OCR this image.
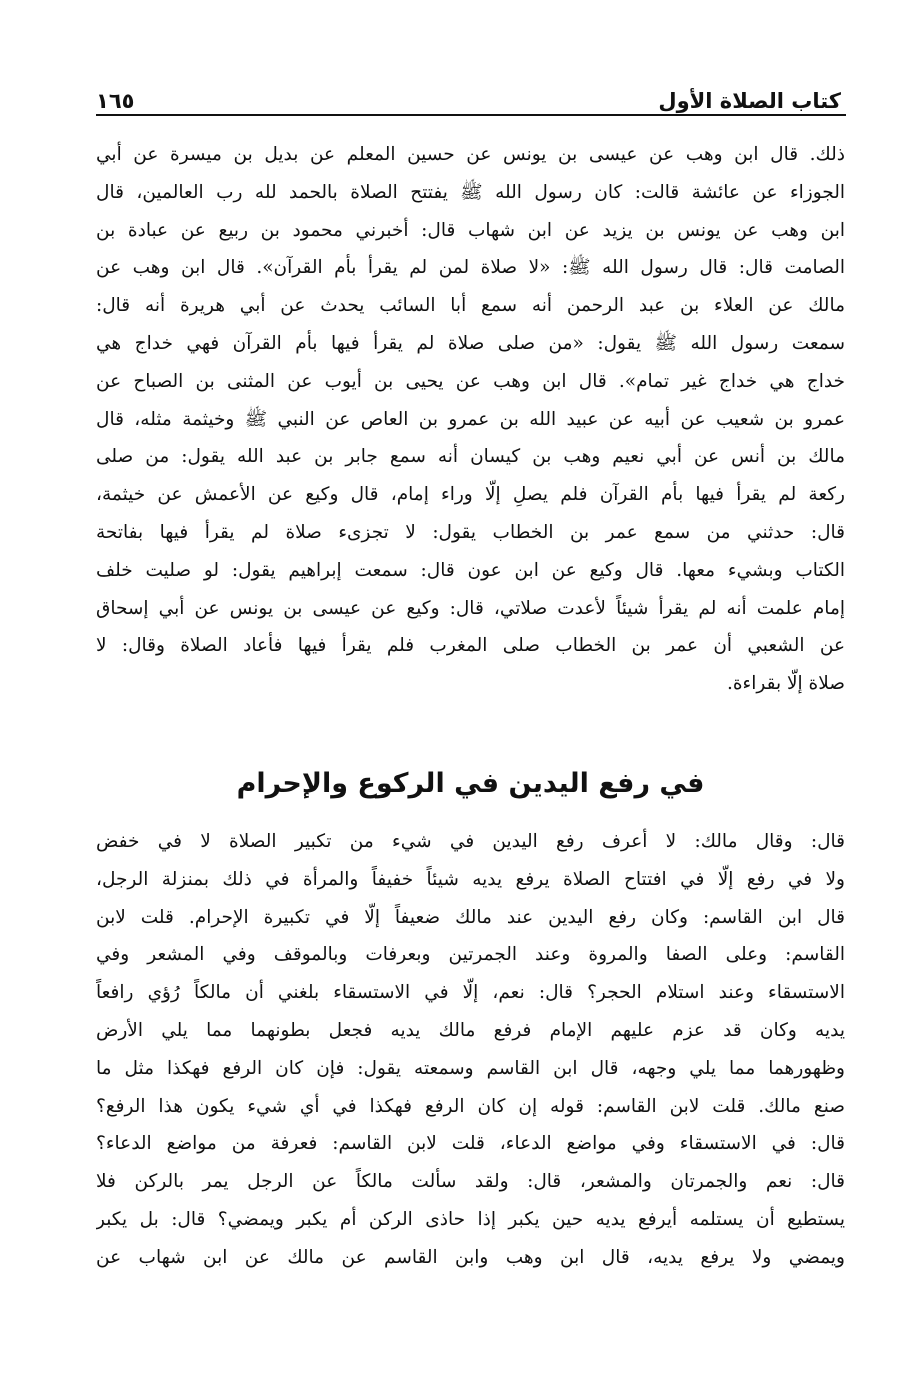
كتاب الصلاة الأول
١٦٥
ذلك. قال ابن وهب عن عيسى بن يونس عن حسين المعلم عن بديل بن ميسرة عن أبي
الجوزاء عن عائشة قالت: كان رسول الله ﷺ يفتتح الصلاة بالحمد لله رب العالمين، قال
ابن وهب عن يونس بن يزيد عن ابن شهاب قال: أخبرني محمود بن ربيع عن عبادة بن
الصامت قال: قال رسول الله ﷺ: «لا صلاة لمن لم يقرأ بأم القرآن». قال ابن وهب عن
مالك عن العلاء بن عبد الرحمن أنه سمع أبا السائب يحدث عن أبي هريرة أنه قال:
سمعت رسول الله ﷺ يقول: «من صلى صلاة لم يقرأ فيها بأم القرآن فهي خداج هي
خداج هي خداج غير تمام». قال ابن وهب عن يحيى بن أيوب عن المثنى بن الصباح عن
عمرو بن شعيب عن أبيه عن عبيد الله بن عمرو بن العاص عن النبي ﷺ وخيثمة مثله، قال
مالك بن أنس عن أبي نعيم وهب بن كيسان أنه سمع جابر بن عبد الله يقول: من صلى
ركعة لم يقرأ فيها بأم القرآن فلم يصلِ إلّا وراء إمام، قال وكيع عن الأعمش عن خيثمة،
قال: حدثني من سمع عمر بن الخطاب يقول: لا تجزىء صلاة لم يقرأ فيها بفاتحة
الكتاب وبشيء معها. قال وكيع عن ابن عون قال: سمعت إبراهيم يقول: لو صليت خلف
إمام علمت أنه لم يقرأ شيئاً لأعدت صلاتي، قال: وكيع عن عيسى بن يونس عن أبي إسحاق
عن الشعبي أن عمر بن الخطاب صلى المغرب فلم يقرأ فيها فأعاد الصلاة وقال: لا
صلاة إلّا بقراءة.
في رفع اليدين في الركوع والإحرام
قال: وقال مالك: لا أعرف رفع اليدين في شيء من تكبير الصلاة لا في خفض
ولا في رفع إلّا في افتتاح الصلاة يرفع يديه شيئاً خفيفاً والمرأة في ذلك بمنزلة الرجل،
قال ابن القاسم: وكان رفع اليدين عند مالك ضعيفاً إلّا في تكبيرة الإحرام. قلت لابن
القاسم: وعلى الصفا والمروة وعند الجمرتين وبعرفات وبالموقف وفي المشعر وفي
الاستسقاء وعند استلام الحجر؟ قال: نعم، إلّا في الاستسقاء بلغني أن مالكاً رُؤي رافعاً
يديه وكان قد عزم عليهم الإمام فرفع مالك يديه فجعل بطونهما مما يلي الأرض
وظهورهما مما يلي وجهه، قال ابن القاسم وسمعته يقول: فإن كان الرفع فهكذا مثل ما
صنع مالك. قلت لابن القاسم: قوله إن كان الرفع فهكذا في أي شيء يكون هذا الرفع؟
قال: في الاستسقاء وفي مواضع الدعاء، قلت لابن القاسم: فعرفة من مواضع الدعاء؟
قال: نعم والجمرتان والمشعر، قال: ولقد سألت مالكاً عن الرجل يمر بالركن فلا
يستطيع أن يستلمه أيرفع يديه حين يكبر إذا حاذى الركن أم يكبر ويمضي؟ قال: بل يكبر
ويمضي ولا يرفع يديه، قال ابن وهب وابن القاسم عن مالك عن ابن شهاب عن
